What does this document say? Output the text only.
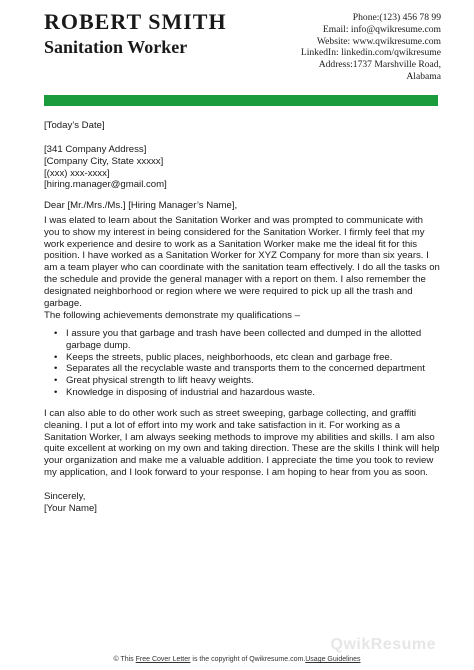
ROBERT SMITH
Sanitation Worker
Phone:(123) 456 78 99
Email: info@qwikresume.com
Website: www.qwikresume.com
LinkedIn: linkedin.com/qwikresume
Address:1737 Marshville Road,
Alabama
[Today’s Date]

[341 Company Address]

[Company City, State xxxxx]

[(xxx) xxx-xxxx]

[hiring.manager@gmail.com]

Dear [Mr./Mrs./Ms.] [Hiring Manager’s Name],
I was elated to learn about the Sanitation Worker and was prompted to communicate with you to show my interest in being considered for the Sanitation Worker. I firmly feel that my work experience and desire to work as a Sanitation Worker make me the ideal fit for this position. I have worked as a Sanitation Worker for XYZ Company for more than six years. I am a team player who can coordinate with the sanitation team effectively. I do all the tasks on the schedule and provide the general manager with a report on them. I also remember the designated neighborhood or region where we were required to pick up all the trash and garbage.
The following achievements demonstrate my qualifications –
• I assure you that garbage and trash have been collected and dumped in the allotted garbage dump.
• Keeps the streets, public places, neighborhoods, etc clean and garbage free.
• Separates all the recyclable waste and transports them to the concerned department
• Great physical strength to lift heavy weights.
• Knowledge in disposing of industrial and hazardous waste.
I can also able to do other work such as street sweeping, garbage collecting, and graffiti cleaning. I put a lot of effort into my work and take satisfaction in it. For working as a Sanitation Worker, I am always seeking methods to improve my abilities and skills. I am also quite excellent at working on my own and taking direction. These are the skills I think will help your organization and make me a valuable addition. I appreciate the time you took to review my application, and I look forward to your response. I am hoping to hear from you as soon.
Sincerely,
[Your Name]
QwikResume
© This Free Cover Letter is the copyright of Qwikresume.com.Usage Guidelines
